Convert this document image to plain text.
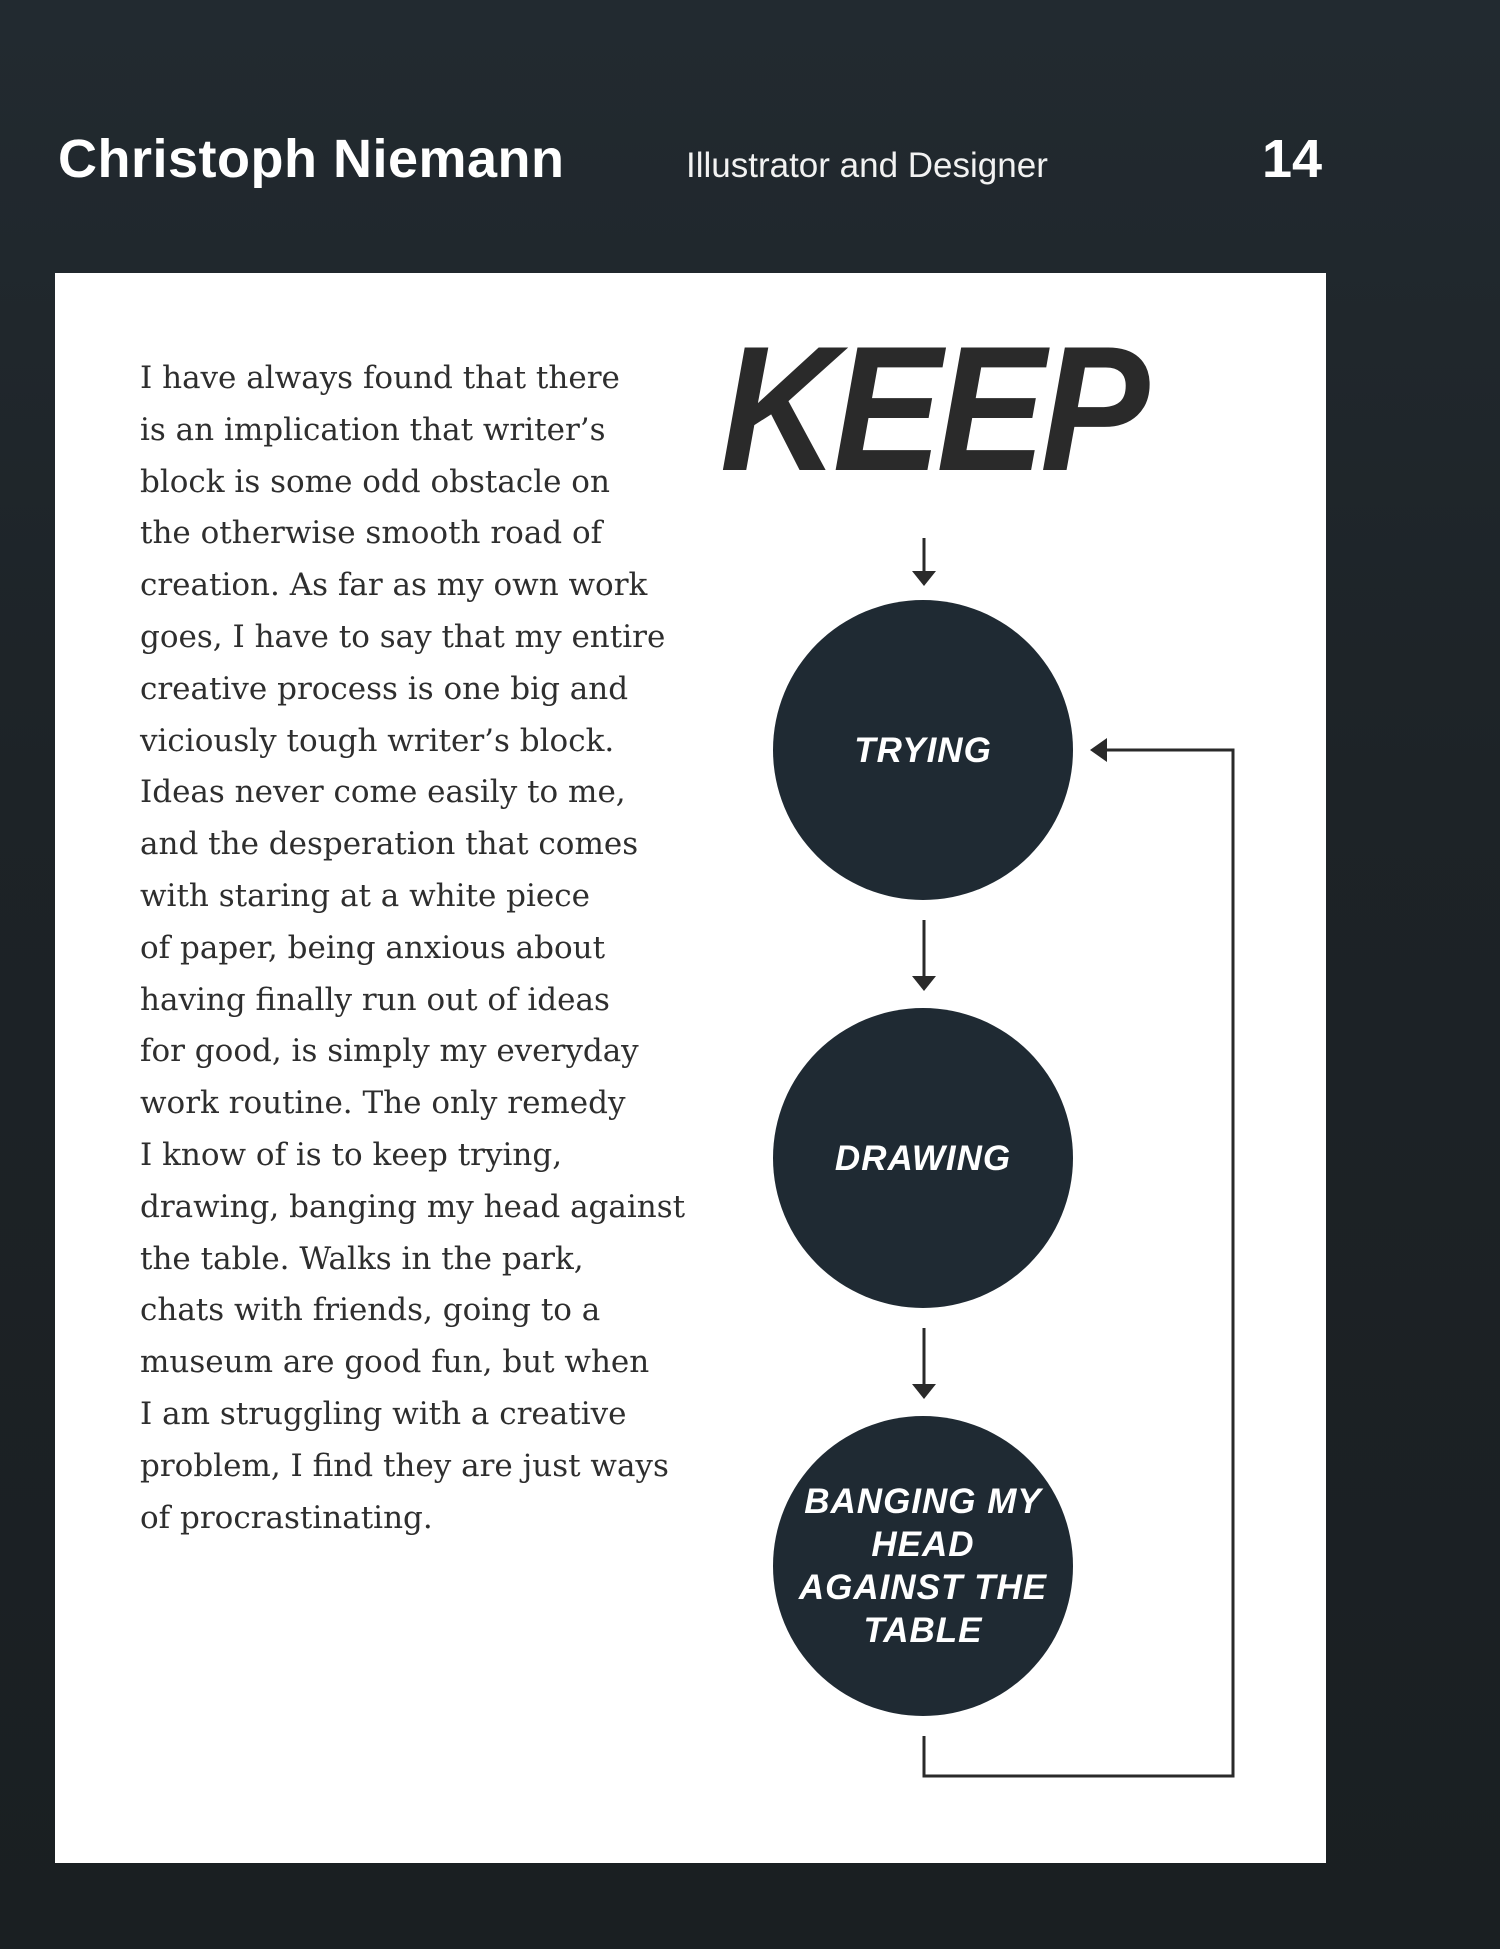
Christoph Niemann	Illustrator and Designer	14
I have always found that there
is an implication that writer’s
block is some odd obstacle on
the otherwise smooth road of
creation. As far as my own work
goes, I have to say that my entire
creative process is one big and
viciously tough writer’s block.
Ideas never come easily to me,
and the desperation that comes
with staring at a white piece
of paper, being anxious about
having finally run out of ideas
for good, is simply my everyday
work routine. The only remedy
I know of is to keep trying,
drawing, banging my head against
the table. Walks in the park,
chats with friends, going to a
museum are good fun, but when
I am struggling with a creative
problem, I find they are just ways
of procrastinating.
KEEP
TRYING
DRAWING
BANGING MY HEAD AGAINST THE TABLE
